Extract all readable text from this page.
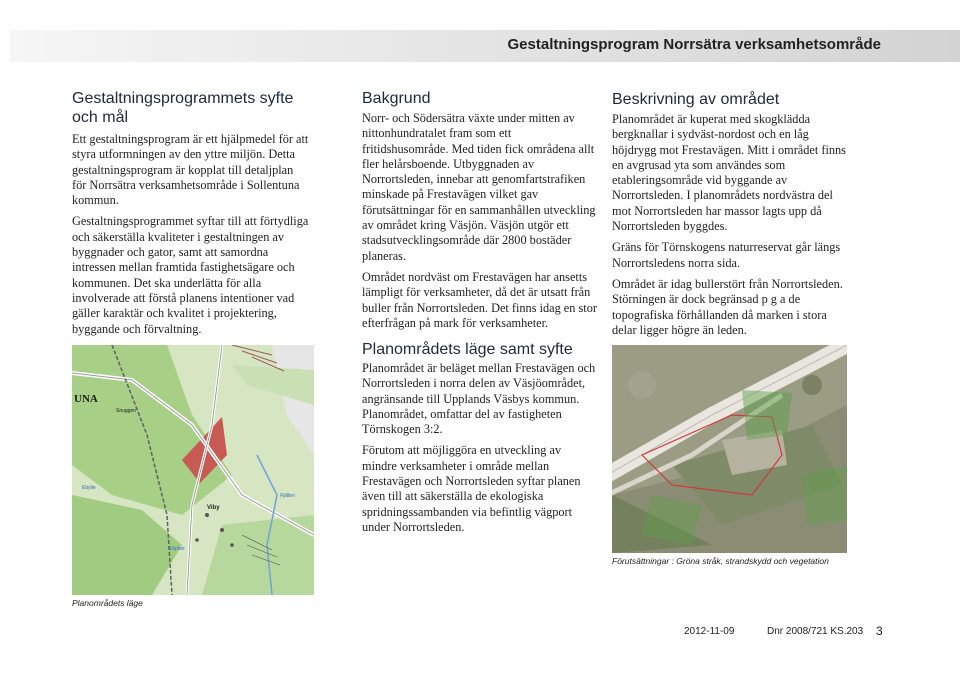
Gestaltningsprogram Norrsätra verksamhetsområde
Gestaltningsprogrammets syfte och mål

Ett gestaltningsprogram är ett hjälpmedel för att styra utformningen av den yttre miljön. Detta gestaltningsprogram är kopplat till detaljplan för Norrsätra verksamhetsområde i Sollentuna kommun.

Gestaltningsprogrammet syftar till att förtydliga och säkerställa kvaliteter i gestaltningen av byggnader och gator, samt att samordna intressen mellan framtida fastighetsägare och kommunen. Det ska underlätta för alla involverade att förstå planens intentioner vad gäller karaktär och kvalitet i projektering, byggande och förvaltning.

UNA
Snuggen
Viby
Fjällen
Ebplan
Ebylie
Planområdets läge
Bakgrund

Norr- och Södersätra växte under mitten av nittonhundratalet fram som ett fritidshusområde. Med tiden fick områdena allt fler helårsboende. Utbyggnaden av Norrortsleden, innebar att genomfartstrafiken minskade på Frestavägen vilket gav förutsättningar för en sammanhållen utveckling av området kring Väsjön. Väsjön utgör ett stadsutvecklingsområde där 2800 bostäder planeras.

Området nordväst om Frestavägen har ansetts lämpligt för verksamheter, då det är utsatt från buller från Norrortsleden. Det finns idag en stor efterfrågan på mark för verksamheter.

Planområdets läge samt syfte

Planområdet är beläget mellan Frestavägen och Norrortsleden i norra delen av Väsjöområdet, angränsande till Upplands Väsbys kommun. Planområdet, omfattar del av fastigheten Törnskogen 3:2.

Förutom att möjliggöra en utveckling av mindre verksamheter i område mellan Frestavägen och Norrortsleden syftar planen även till att säkerställa de ekologiska spridningssambanden via befintlig vägport under Norrortsleden.

Beskrivning av området

Planområdet är kuperat med skogklädda bergknallar i sydväst-nordost och en låg höjdrygg mot Frestavägen. Mitt i området finns en avgrusad yta som användes som etableringsområde vid byggande av Norrortsleden. I planområdets nordvästra del mot Norrortsleden har massor lagts upp då Norrortsleden byggdes.

Gräns för Törnskogens naturreservat går längs Norrortsledens norra sida.

Området är idag bullerstört från Norrortsleden. Störningen är dock begränsad p g a de topografiska förhållanden då marken i stora delar ligger högre än leden.

Förutsättningar : Gröna stråk, strandskydd och vegetation
2012-11-09	Dnr 2008/721 KS.203 3
